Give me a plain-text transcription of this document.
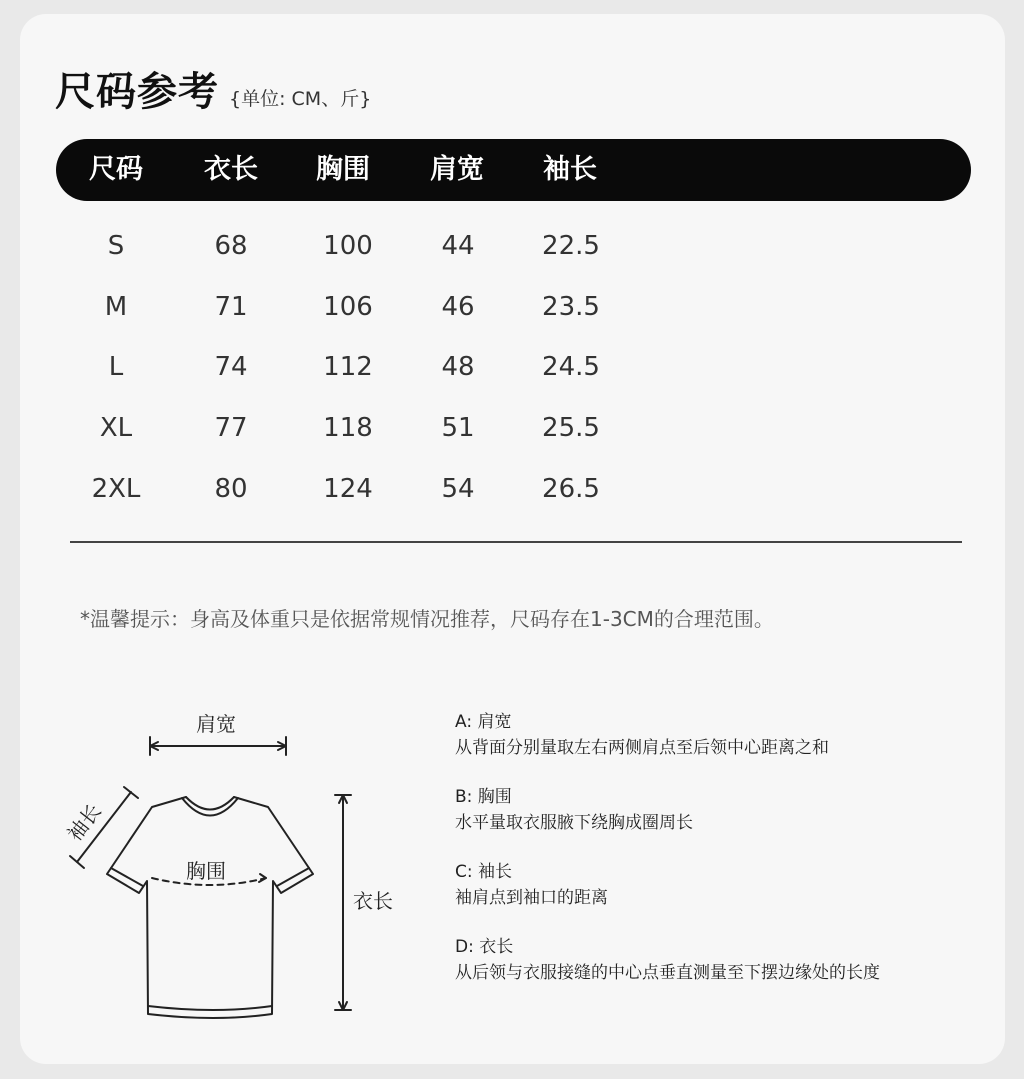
尺码参考 {单位: CM、斤}
尺码	衣长	胸围	肩宽	袖长
S	68	100	44	22.5
M	71	106	46	23.5
L	74	112	48	24.5
XL	77	118	51	25.5
2XL	80	124	54	26.5
*温馨提示：身高及体重只是依据常规情况推荐，尺码存在1-3CM的合理范围。
肩宽
袖长
胸围
衣长
A: 肩宽
从背面分别量取左右两侧肩点至后领中心距离之和
B: 胸围
水平量取衣服腋下绕胸成圈周长
C: 袖长
袖肩点到袖口的距离
D: 衣长
从后领与衣服接缝的中心点垂直测量至下摆边缘处的长度
